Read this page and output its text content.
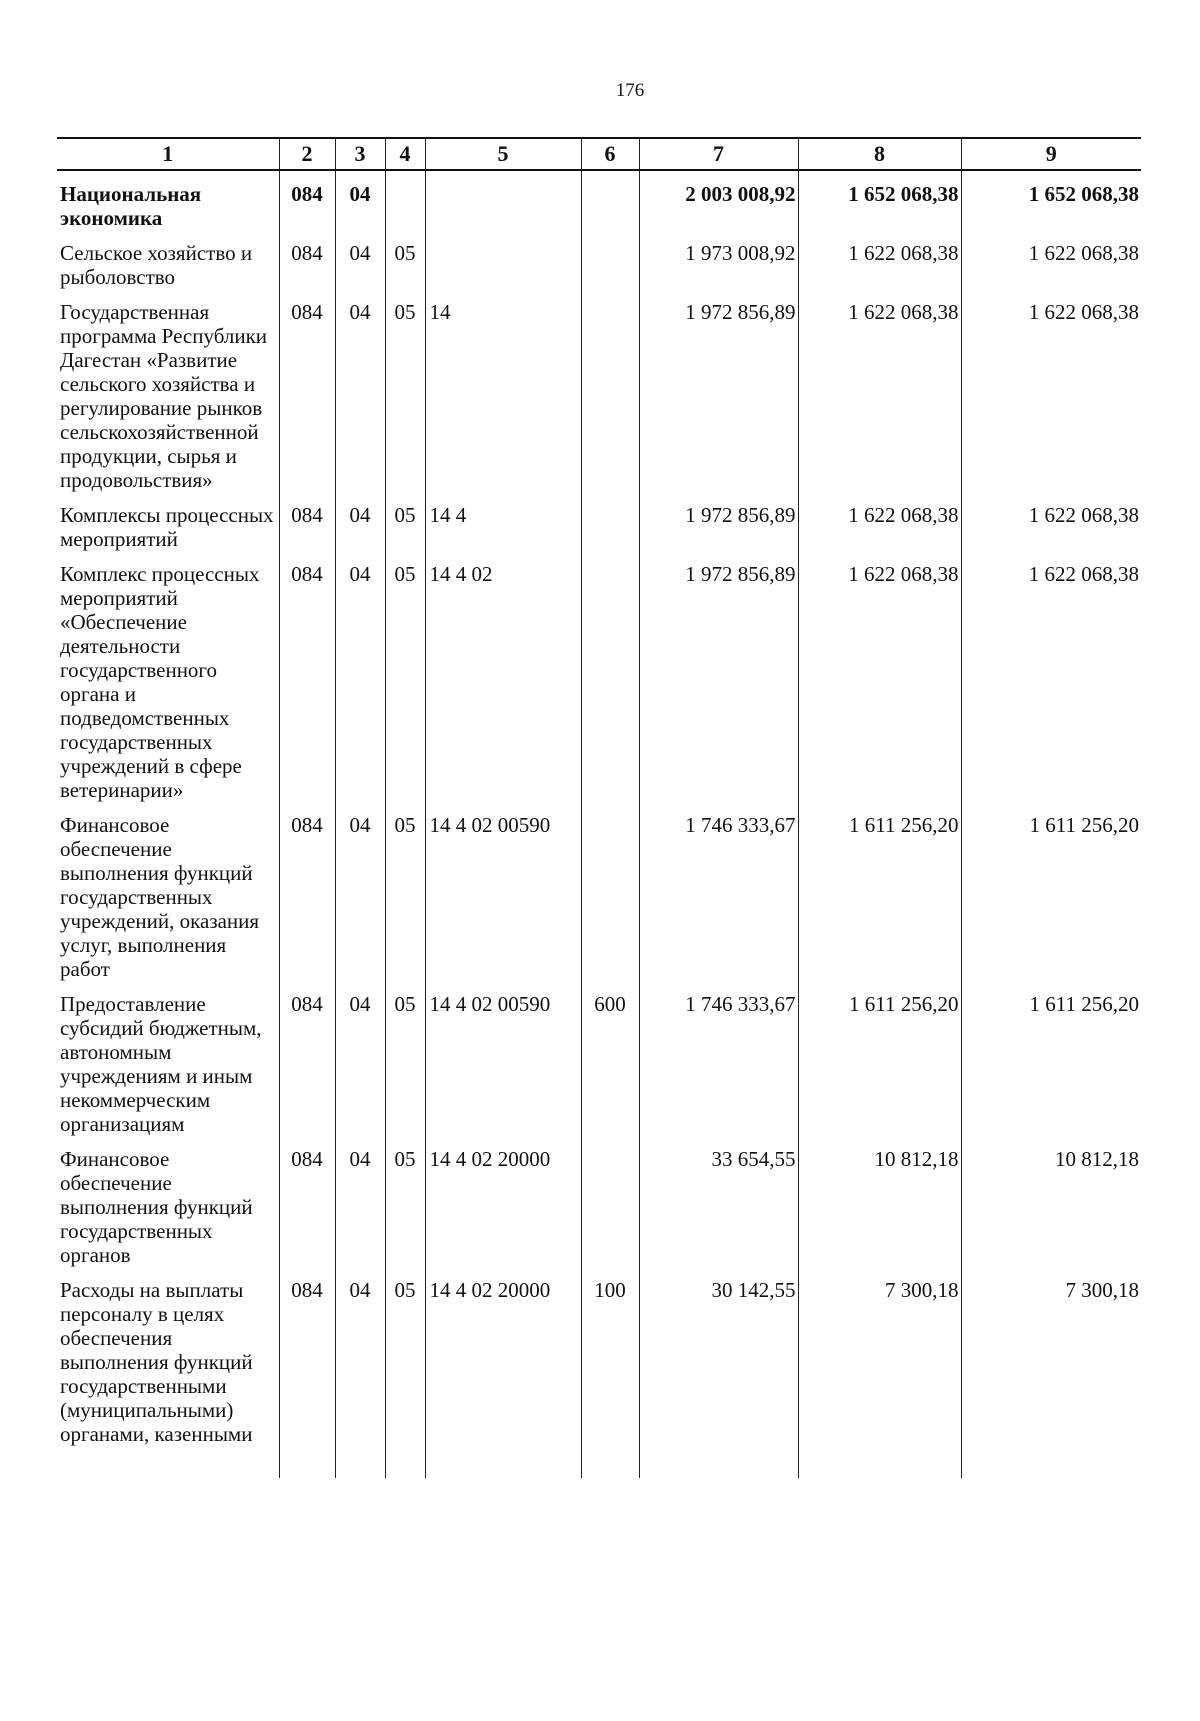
176
1	2	3	4	5	6	7	8	9
Национальная экономика	084	04				2 003 008,92	1 652 068,38	1 652 068,38
Сельское хозяйство и рыболовство	084	04	05			1 973 008,92	1 622 068,38	1 622 068,38
Государственная программа Республики Дагестан «Развитие сельского хозяйства и регулирование рынков сельскохозяйственной продукции, сырья и продовольствия»	084	04	05	14		1 972 856,89	1 622 068,38	1 622 068,38
Комплексы процессных мероприятий	084	04	05	14 4		1 972 856,89	1 622 068,38	1 622 068,38
Комплекс процессных мероприятий «Обеспечение деятельности государственного органа и подведомственных государственных учреждений в сфере ветеринарии»	084	04	05	14 4 02		1 972 856,89	1 622 068,38	1 622 068,38
Финансовое обеспечение выполнения функций государственных учреждений, оказания услуг, выполнения работ	084	04	05	14 4 02 00590		1 746 333,67	1 611 256,20	1 611 256,20
Предоставление субсидий бюджетным, автономным учреждениям и иным некоммерческим организациям	084	04	05	14 4 02 00590	600	1 746 333,67	1 611 256,20	1 611 256,20
Финансовое обеспечение выполнения функций государственных органов	084	04	05	14 4 02 20000		33 654,55	10 812,18	10 812,18
Расходы на выплаты персоналу в целях обеспечения выполнения функций государственными (муниципальными) органами, казенными	084	04	05	14 4 02 20000	100	30 142,55	7 300,18	7 300,18
